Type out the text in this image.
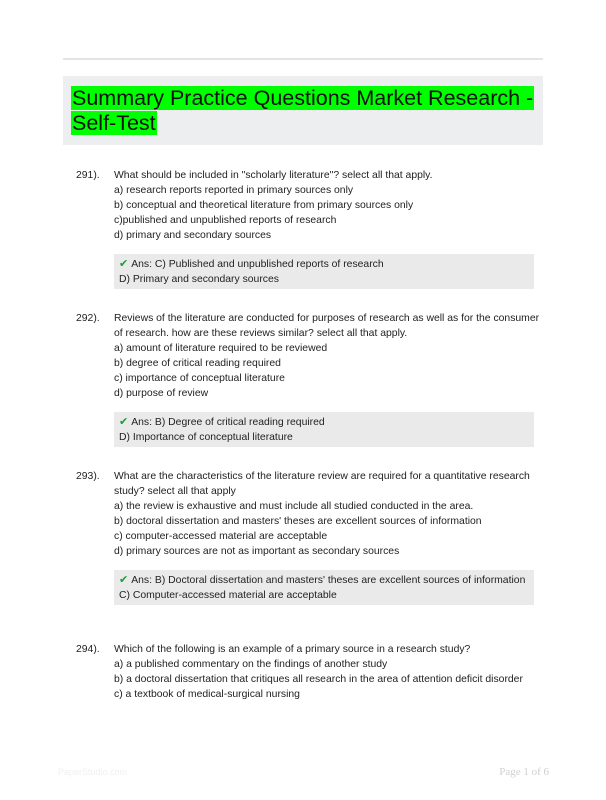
Summary Practice Questions Market Research - Self-Test
291). What should be included in "scholarly literature"? select all that apply.
a) research reports reported in primary sources only
b) conceptual and theoretical literature from primary sources only
c)published and unpublished reports of research
d) primary and secondary sources
✔ Ans: C) Published and unpublished reports of research
D) Primary and secondary sources
292). Reviews of the literature are conducted for purposes of research as well as for the consumer of research. how are these reviews similar? select all that apply.
a) amount of literature required to be reviewed
b) degree of critical reading required
c) importance of conceptual literature
d) purpose of review
✔ Ans: B) Degree of critical reading required
D) Importance of conceptual literature
293). What are the characteristics of the literature review are required for a quantitative research study? select all that apply
a) the review is exhaustive and must include all studied conducted in the area.
b) doctoral dissertation and masters' theses are excellent sources of information
c) computer-accessed material are acceptable
d) primary sources are not as important as secondary sources
✔ Ans: B) Doctoral dissertation and masters' theses are excellent sources of information
C) Computer-accessed material are acceptable
294). Which of the following is an example of a primary source in a research study?
a) a published commentary on the findings of another study
b) a doctoral dissertation that critiques all research in the area of attention deficit disorder
c) a textbook of medical-surgical nursing
PaperStudio.com	Page 1 of 6
